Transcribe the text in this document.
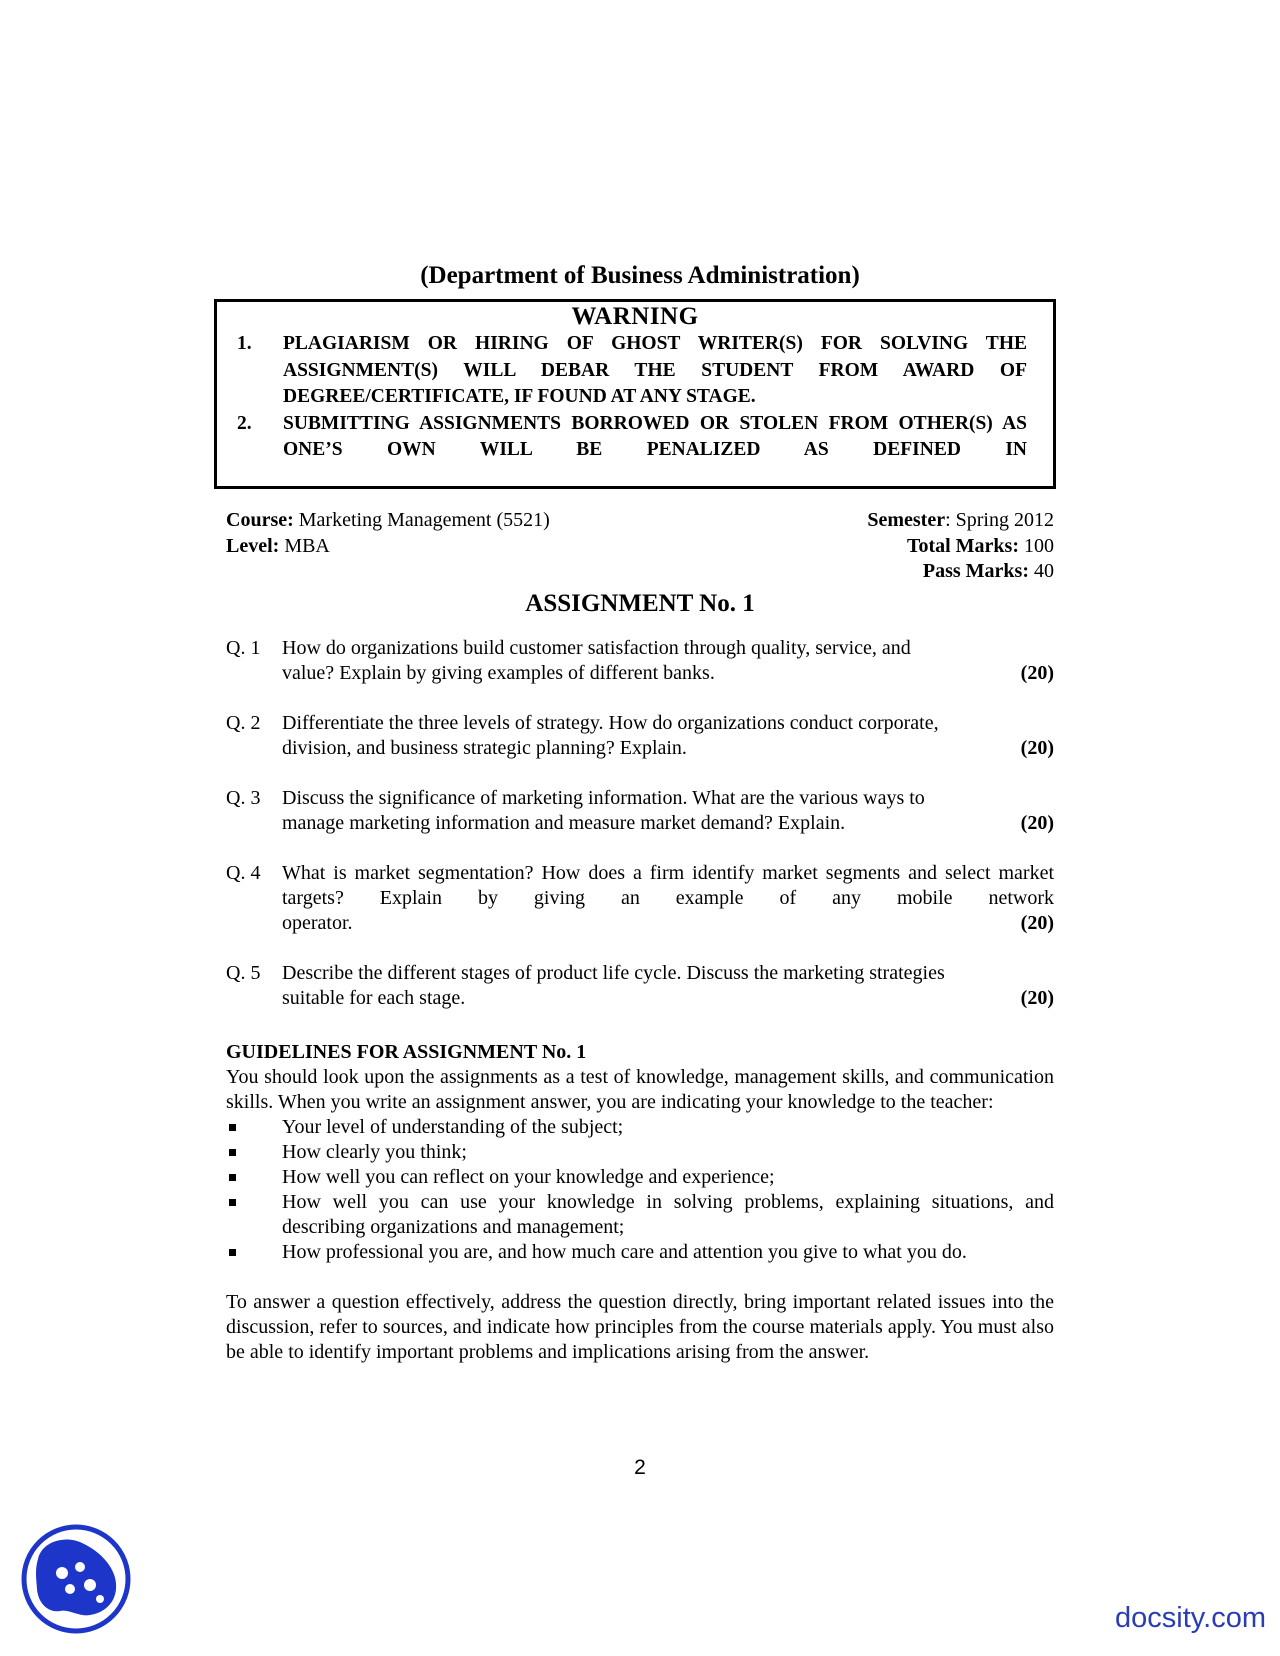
(Department of Business Administration)
WARNING
1. PLAGIARISM OR HIRING OF GHOST WRITER(S) FOR SOLVING THE ASSIGNMENT(S) WILL DEBAR THE STUDENT FROM AWARD OF DEGREE/CERTIFICATE, IF FOUND AT ANY STAGE.
2. SUBMITTING ASSIGNMENTS BORROWED OR STOLEN FROM OTHER(S) AS ONE’S OWN WILL BE PENALIZED AS DEFINED IN
Course: Marketing Management (5521)
Level: MBA
Semester: Spring 2012
Total Marks: 100
Pass Marks: 40
ASSIGNMENT No. 1
Q. 1 How do organizations build customer satisfaction through quality, service, and
value? Explain by giving examples of different banks.	(20)
Q. 2 Differentiate the three levels of strategy. How do organizations conduct corporate,
division, and business strategic planning? Explain.	(20)
Q. 3 Discuss the significance of marketing information. What are the various ways to
manage marketing information and measure market demand? Explain.	(20)
Q. 4 What is market segmentation? How does a firm identify market segments and select market targets? Explain by giving an example of any mobile network
operator.	(20)
Q. 5 Describe the different stages of product life cycle. Discuss the marketing strategies
suitable for each stage.	(20)
GUIDELINES FOR ASSIGNMENT No. 1
You should look upon the assignments as a test of knowledge, management skills, and communication skills. When you write an assignment answer, you are indicating your knowledge to the teacher:
Your level of understanding of the subject;
How clearly you think;
How well you can reflect on your knowledge and experience;
How well you can use your knowledge in solving problems, explaining situations, and describing organizations and management;
How professional you are, and how much care and attention you give to what you do.
To answer a question effectively, address the question directly, bring important related issues into the discussion, refer to sources, and indicate how principles from the course materials apply. You must also be able to identify important problems and implications arising from the answer.
2
docsity.com
